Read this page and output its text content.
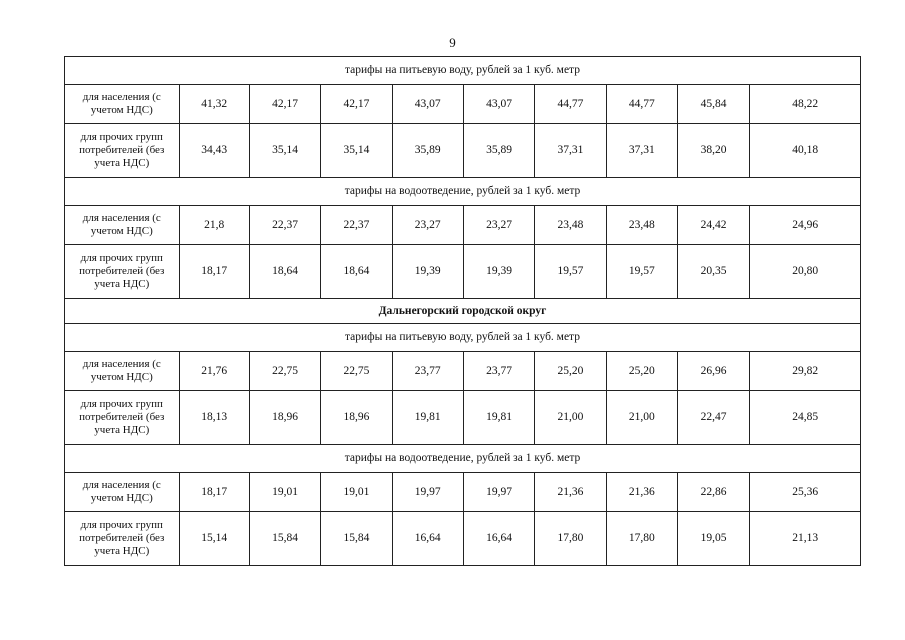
9
тарифы на питьевую воду, рублей за 1 куб. метр									
для населения (с учетом НДС)	41,32	42,17	42,17	43,07	43,07	44,77	44,77	45,84	48,22
для прочих групп потребителей (без учета НДС)	34,43	35,14	35,14	35,89	35,89	37,31	37,31	38,20	40,18
тарифы на водоотведение, рублей за 1 куб. метр									
для населения (с учетом НДС)	21,8	22,37	22,37	23,27	23,27	23,48	23,48	24,42	24,96
для прочих групп потребителей (без учета НДС)	18,17	18,64	18,64	19,39	19,39	19,57	19,57	20,35	20,80
Дальнегорский городской округ									
тарифы на питьевую воду, рублей за 1 куб. метр									
для населения (с учетом НДС)	21,76	22,75	22,75	23,77	23,77	25,20	25,20	26,96	29,82
для прочих групп потребителей (без учета НДС)	18,13	18,96	18,96	19,81	19,81	21,00	21,00	22,47	24,85
тарифы на водоотведение, рублей за 1 куб. метр									
для населения (с учетом НДС)	18,17	19,01	19,01	19,97	19,97	21,36	21,36	22,86	25,36
для прочих групп потребителей (без учета НДС)	15,14	15,84	15,84	16,64	16,64	17,80	17,80	19,05	21,13
